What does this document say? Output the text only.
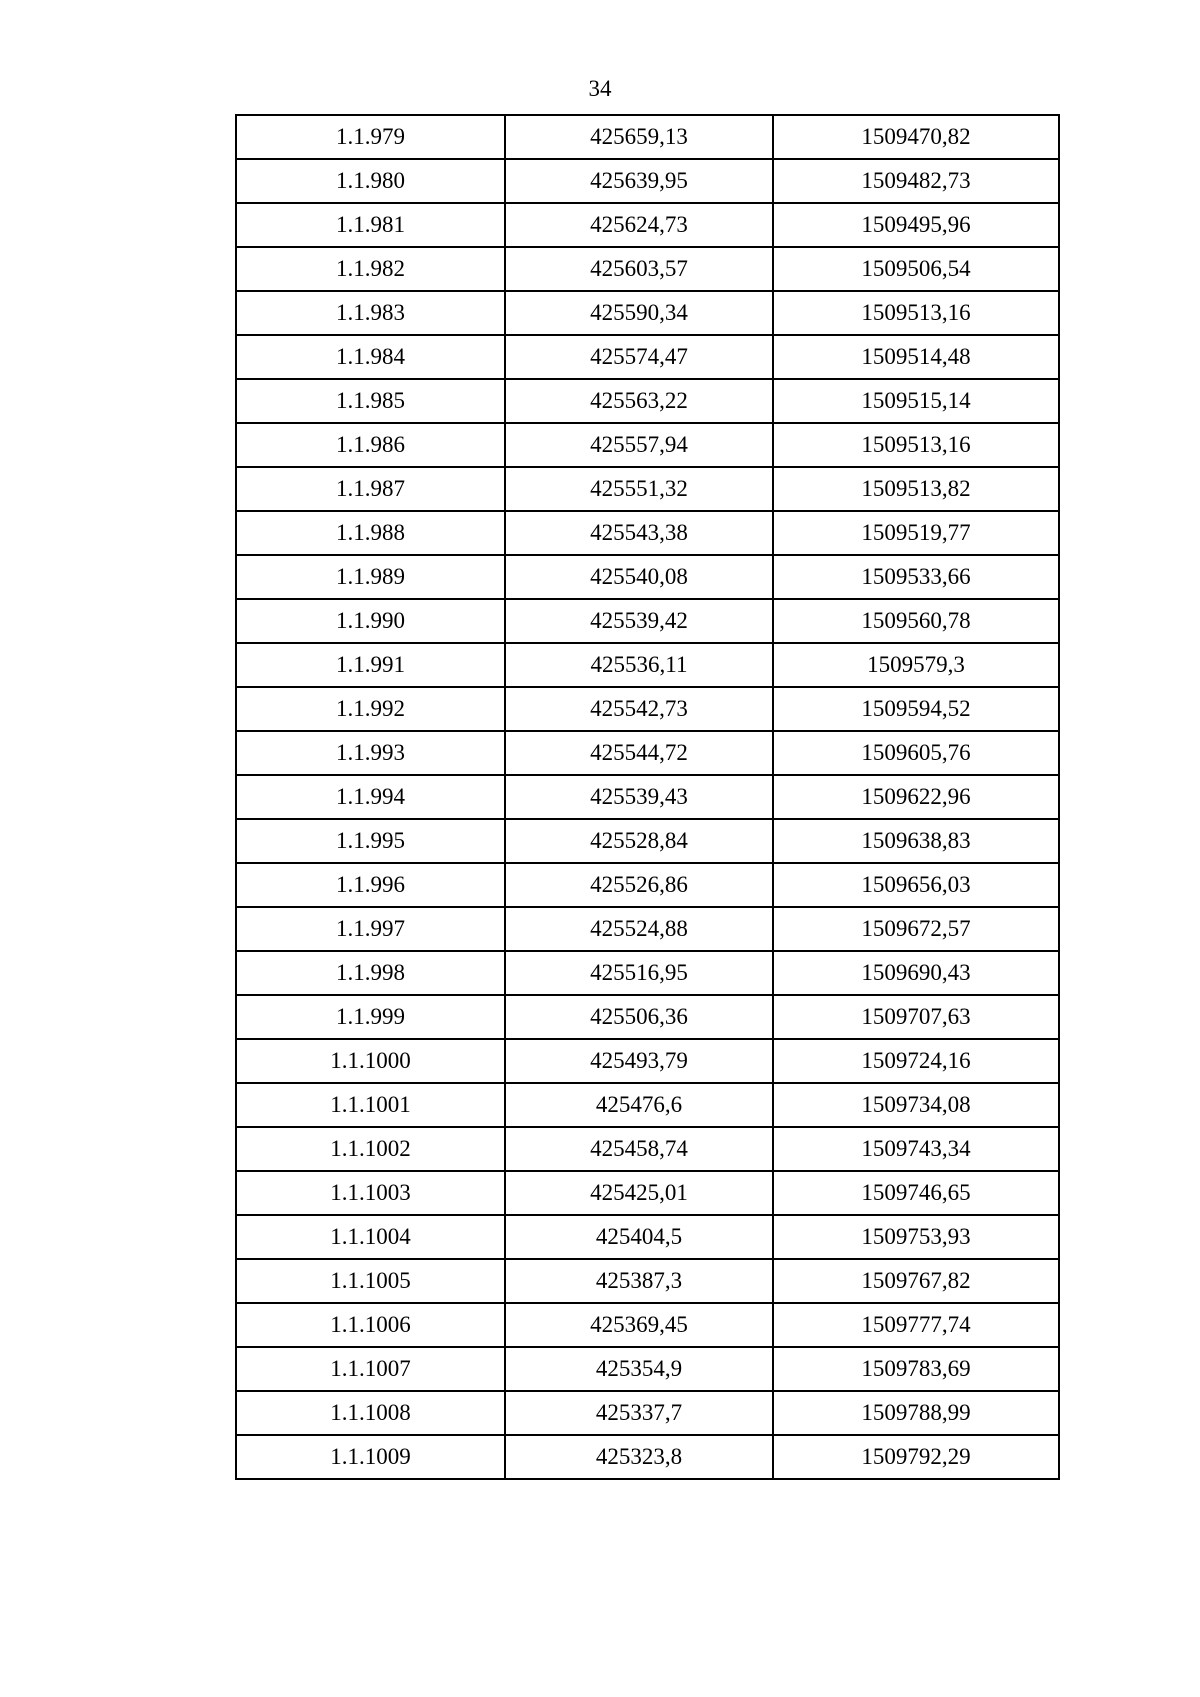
34
1.1.979	425659,13	1509470,82
1.1.980	425639,95	1509482,73
1.1.981	425624,73	1509495,96
1.1.982	425603,57	1509506,54
1.1.983	425590,34	1509513,16
1.1.984	425574,47	1509514,48
1.1.985	425563,22	1509515,14
1.1.986	425557,94	1509513,16
1.1.987	425551,32	1509513,82
1.1.988	425543,38	1509519,77
1.1.989	425540,08	1509533,66
1.1.990	425539,42	1509560,78
1.1.991	425536,11	1509579,3
1.1.992	425542,73	1509594,52
1.1.993	425544,72	1509605,76
1.1.994	425539,43	1509622,96
1.1.995	425528,84	1509638,83
1.1.996	425526,86	1509656,03
1.1.997	425524,88	1509672,57
1.1.998	425516,95	1509690,43
1.1.999	425506,36	1509707,63
1.1.1000	425493,79	1509724,16
1.1.1001	425476,6	1509734,08
1.1.1002	425458,74	1509743,34
1.1.1003	425425,01	1509746,65
1.1.1004	425404,5	1509753,93
1.1.1005	425387,3	1509767,82
1.1.1006	425369,45	1509777,74
1.1.1007	425354,9	1509783,69
1.1.1008	425337,7	1509788,99
1.1.1009	425323,8	1509792,29
